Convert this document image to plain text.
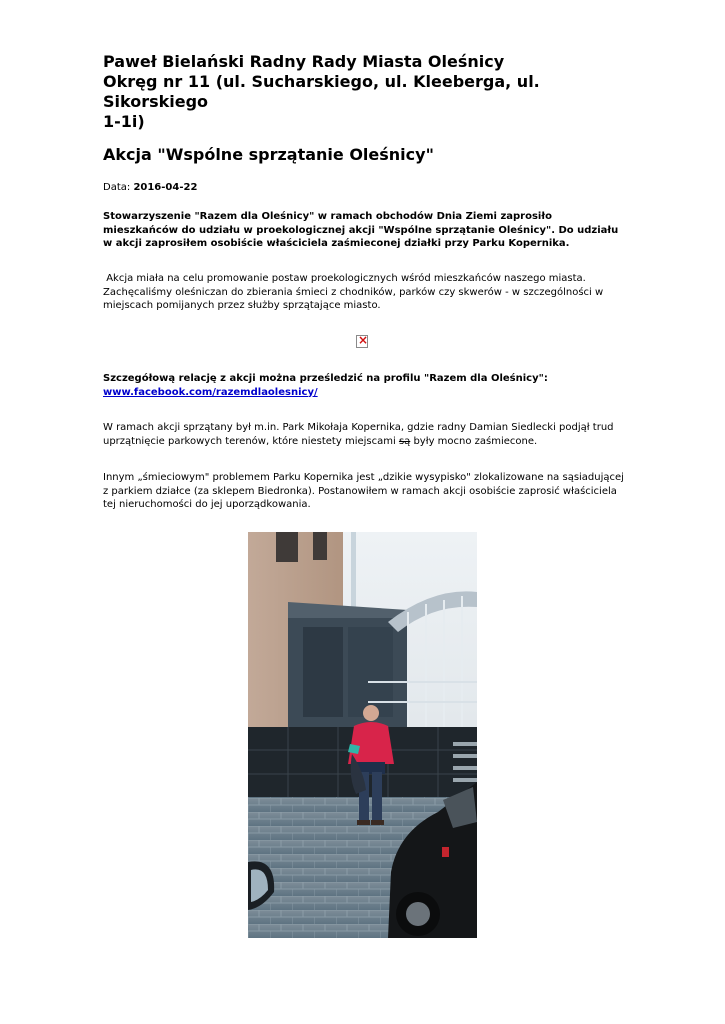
Paweł Bielański Radny Rady Miasta Oleśnicy
Okręg nr 11 (ul. Sucharskiego, ul. Kleeberga, ul. Sikorskiego
1-1i)
Akcja "Wspólne sprzątanie Oleśnicy"
Data: 2016-04-22

Stowarzyszenie "Razem dla Oleśnicy" w ramach obchodów Dnia Ziemi zaprosiło mieszkańców do udziału w proekologicznej akcji "Wspólne sprzątanie Oleśnicy". Do udziału w akcji zaprosiłem osobiście właściciela zaśmieconej działki przy Parku Kopernika.

Akcja miała na celu promowanie postaw proekologicznych wśród mieszkańców naszego miasta. Zachęcaliśmy oleśniczan do zbierania śmieci z chodników, parków czy skwerów - w szczególności w miejscach pomijanych przez służby sprzątające miasto.

×
Szczegółową relację z akcji można prześledzić na profilu "Razem dla Oleśnicy":
www.facebook.com/razemdlaolesnicy/

W ramach akcji sprzątany był m.in. Park Mikołaja Kopernika, gdzie radny Damian Siedlecki podjął trud uprzątnięcie parkowych terenów, które niestety miejscami są były mocno zaśmiecone.

Innym „śmieciowym" problemem Parku Kopernika jest „dzikie wysypisko" zlokalizowane na sąsiadującej z parkiem działce (za sklepem Biedronka). Postanowiłem w ramach akcji osobiście zaprosić właściciela tej nieruchomości do jej uporządkowania.
